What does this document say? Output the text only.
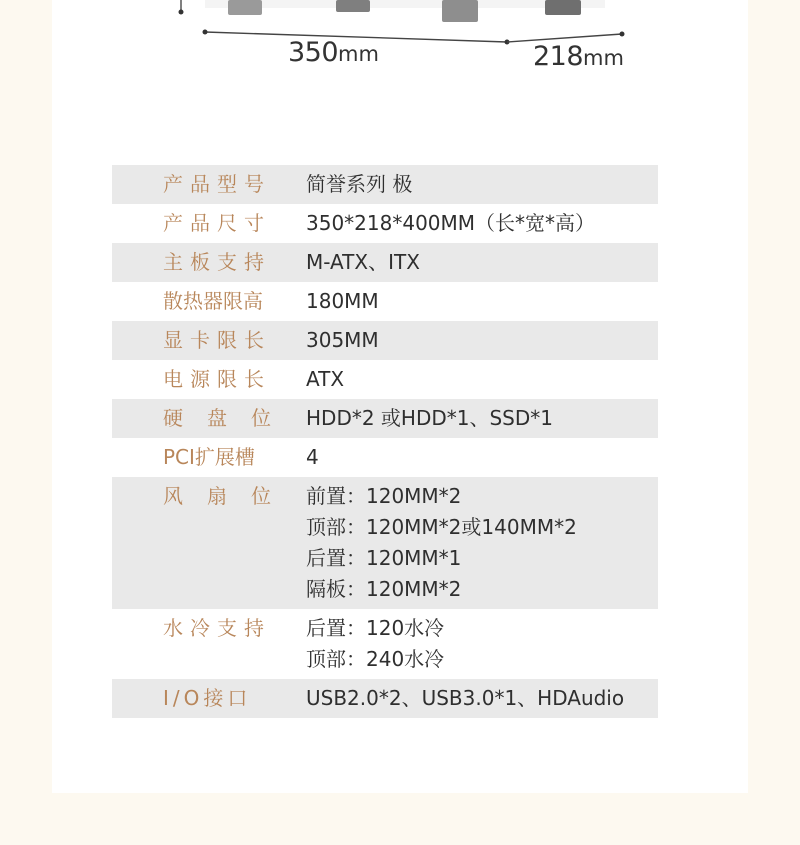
350mm	218mm
产品型号	简誉系列 极
产品尺寸	350*218*400MM（长*宽*高）
主板支持	M-ATX、ITX
散热器限高	180MM
显卡限长	305MM
电源限长	ATX
硬盘位 HDD*2 或HDD*1、SSD*1
PCI扩展槽	4
风扇位 前置：120MM*2
顶部：120MM*2或140MM*2
后置：120MM*1
隔板：120MM*2
水冷支持	后置：120水冷
顶部：240水冷
I/O接口	USB2.0*2、USB3.0*1、HDAudio
